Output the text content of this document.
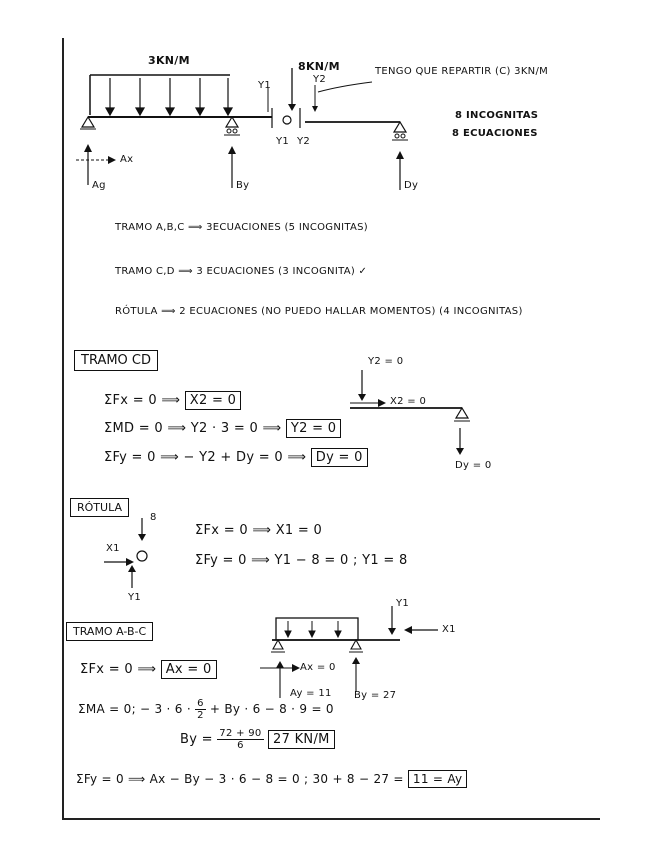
3KN/M	8KN/M	TENGO QUE REPARTIR (C) 3KN/M
Y1
Y2
Y1 Y2
Ax
Ag	By	Dy
8 INCOGNITAS
8 ECUACIONES
TRAMO A,B,C ⟹ 3ECUACIONES (5 INCOGNITAS)
TRAMO C,D ⟹ 3 ECUACIONES (3 INCOGNITA) ✓
RÓTULA ⟹ 2 ECUACIONES (NO PUEDO HALLAR MOMENTOS) (4 INCOGNITAS)
TRAMO CD
ΣFx = 0 ⟹ X2 = 0
ΣMD = 0 ⟹ Y2 · 3 = 0 ⟹ Y2 = 0
ΣFy = 0 ⟹ − Y2 + Dy = 0 ⟹ Dy = 0
Y2 = 0
X2 = 0
Dy = 0
RÓTULA
8
X1
Y1
ΣFx = 0 ⟹ X1 = 0
ΣFy = 0 ⟹ Y1 − 8 = 0 ; Y1 = 8
TRAMO A-B-C
Y1
X1
Ax = 0
Ay = 11 By = 27
ΣFx = 0 ⟹ Ax = 0
ΣMA = 0; − $3 \cdot 6 \cdot \frac{6}{2} + By \cdot 6 - 8 \cdot 9 = 0$
$By = \frac{72 + 90}{6} 27$ KN/M
ΣFy = 0 ⟹ Ax − By − 3 · 6 − 8 = 0 ; 30 + 8 − 27 = 11 = Ay
